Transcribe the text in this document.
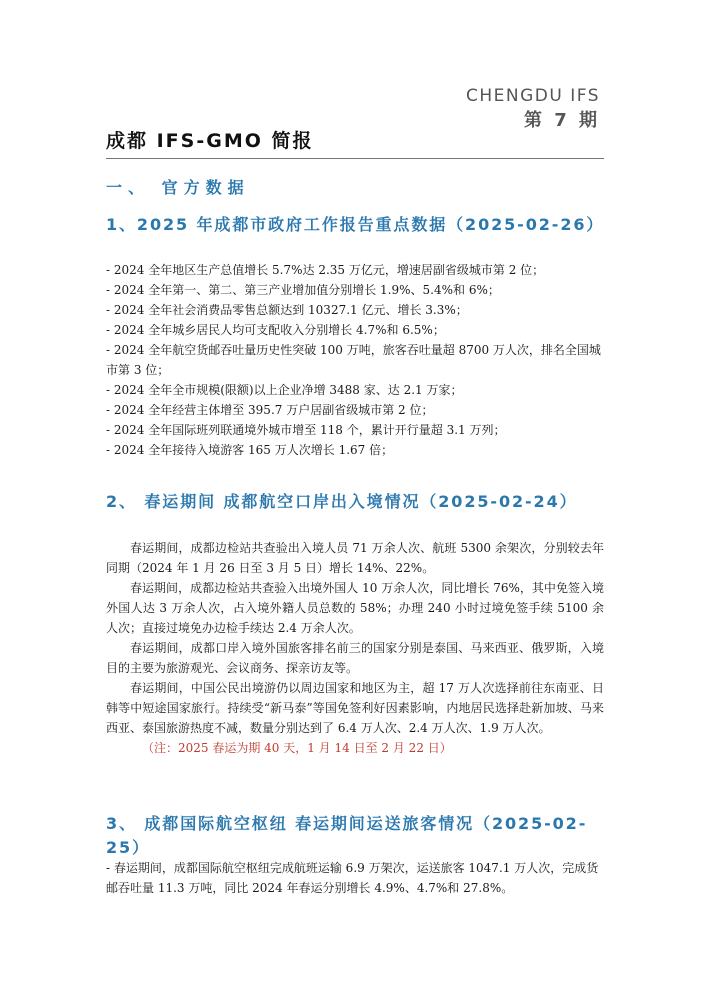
CHENGDU IFS
第 7 期
成都 IFS-GMO 简报
一、 官方数据
1、2025 年成都市政府工作报告重点数据（2025-02-26）
- 2024 全年地区生产总值增长 5.7%达 2.35 万亿元，增速居副省级城市第 2 位；
- 2024 全年第一、第二、第三产业增加值分别增长 1.9%、5.4%和 6%；
- 2024 全年社会消费品零售总额达到 10327.1 亿元、增长 3.3%；
- 2024 全年城乡居民人均可支配收入分别增长 4.7%和 6.5%；
- 2024 全年航空货邮吞吐量历史性突破 100 万吨，旅客吞吐量超 8700 万人次，排名全国城市第 3 位；
- 2024 全年全市规模(限额)以上企业净增 3488 家、达 2.1 万家；
- 2024 全年经营主体增至 395.7 万户居副省级城市第 2 位；
- 2024 全年国际班列联通境外城市增至 118 个，累计开行量超 3.1 万列；
- 2024 全年接待入境游客 165 万人次增长 1.67 倍；
2、 春运期间 成都航空口岸出入境情况（2025-02-24）

春运期间，成都边检站共查验出入境人员 71 万余人次、航班 5300 余架次，分别较去年同期（2024 年 1 月 26 日至 3 月 5 日）增长 14%、22%。

春运期间，成都边检站共查验入出境外国人 10 万余人次，同比增长 76%，其中免签入境外国人达 3 万余人次，占入境外籍人员总数的 58%；办理 240 小时过境免签手续 5100 余人次；直接过境免办边检手续达 2.4 万余人次。

春运期间，成都口岸入境外国旅客排名前三的国家分别是泰国、马来西亚、俄罗斯，入境目的主要为旅游观光、会议商务、探亲访友等。

春运期间，中国公民出境游仍以周边国家和地区为主，超 17 万人次选择前往东南亚、日韩等中短途国家旅行。持续受“新马泰”等国免签利好因素影响，内地居民选择赴新加坡、马来西亚、泰国旅游热度不减，数量分别达到了 6.4 万人次、2.4 万人次、1.9 万人次。

（注：2025 春运为期 40 天，1 月 14 日至 2 月 22 日）

3、 成都国际航空枢纽 春运期间运送旅客情况（2025-02-25）
- 春运期间，成都国际航空枢纽完成航班运输 6.9 万架次，运送旅客 1047.1 万人次，完成货邮吞吐量 11.3 万吨，同比 2024 年春运分别增长 4.9%、4.7%和 27.8%。
